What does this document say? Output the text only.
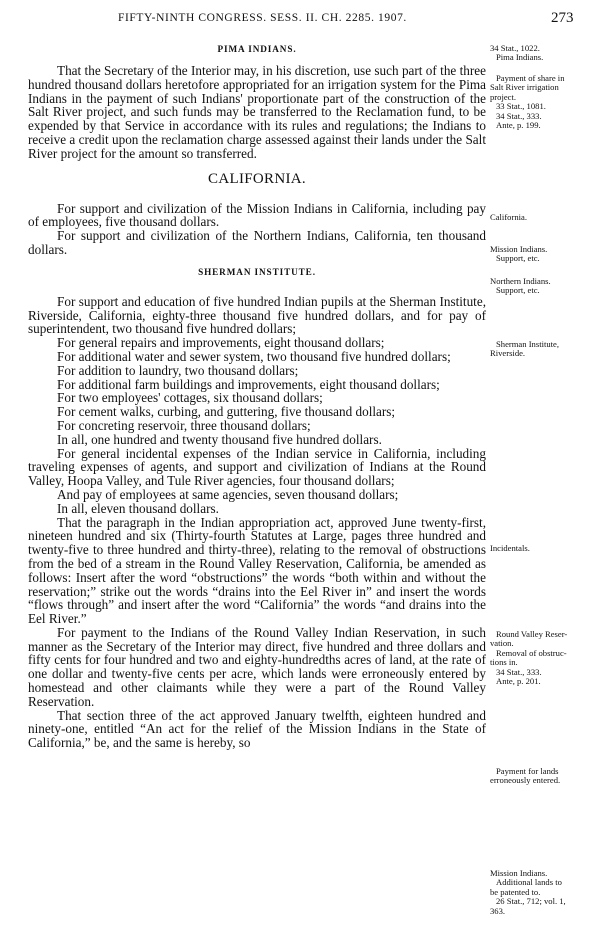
FIFTY-NINTH CONGRESS. SESS. II. CH. 2285. 1907.	273
PIMA INDIANS.

That the Secretary of the Interior may, in his discretion, use such part of the three hundred thousand dollars heretofore appropriated for an irrigation system for the Pima Indians in the payment of such Indians' proportionate part of the construction of the Salt River project, and such funds may be transferred to the Reclamation fund, to be expended by that Service in accordance with its rules and regulations; the Indians to receive a credit upon the reclamation charge assessed against their lands under the Salt River project for the amount so transferred.

CALIFORNIA.

For support and civilization of the Mission Indians in California, including pay of employees, five thousand dollars.

For support and civilization of the Northern Indians, California, ten thousand dollars.

SHERMAN INSTITUTE.

For support and education of five hundred Indian pupils at the Sherman Institute, Riverside, California, eighty-three thousand five hundred dollars, and for pay of superintendent, two thousand five hundred dollars;

For general repairs and improvements, eight thousand dollars;

For additional water and sewer system, two thousand five hundred dollars;

For addition to laundry, two thousand dollars;

For additional farm buildings and improvements, eight thousand dollars;

For two employees' cottages, six thousand dollars;

For cement walks, curbing, and guttering, five thousand dollars;

For concreting reservoir, three thousand dollars;

In all, one hundred and twenty thousand five hundred dollars.

For general incidental expenses of the Indian service in California, including traveling expenses of agents, and support and civilization of Indians at the Round Valley, Hoopa Valley, and Tule River agencies, four thousand dollars;

And pay of employees at same agencies, seven thousand dollars;

In all, eleven thousand dollars.

That the paragraph in the Indian appropriation act, approved June twenty-first, nineteen hundred and six (Thirty-fourth Statutes at Large, pages three hundred and twenty-five to three hundred and thirty-three), relating to the removal of obstructions from the bed of a stream in the Round Valley Reservation, California, be amended as follows: Insert after the word “obstructions” the words “both within and without the reservation;” strike out the words “drains into the Eel River in” and insert the words “flows through” and insert after the word “California” the words “and drains into the Eel River.”

For payment to the Indians of the Round Valley Indian Reservation, in such manner as the Secretary of the Interior may direct, five hundred and three dollars and fifty cents for four hundred and two and eighty-hundredths acres of land, at the rate of one dollar and twenty-five cents per acre, which lands were erroneously entered by homestead and other claimants while they were a part of the Round Valley Reservation.

That section three of the act approved January twelfth, eighteen hundred and ninety-one, entitled “An act for the relief of the Mission Indians in the State of California,” be, and the same is hereby, so

34 Stat., 1022.

Pima Indians.
Payment of share in
Salt River irrigation
project.

33 Stat., 1081.
34 Stat., 333.
Ante, p. 199.
California.
Mission Indians.

Support, etc.
Northern Indians.

Support, etc.
Sherman Institute,
Riverside.
Incidentals.
Round Valley Reser-
vation.

Removal of obstruc-
tions in.

34 Stat., 333.
Ante, p. 201.
Payment for lands
erroneously entered.
Mission Indians.

Additional lands to
be patented to.

26 Stat., 712; vol. 1,
363.
